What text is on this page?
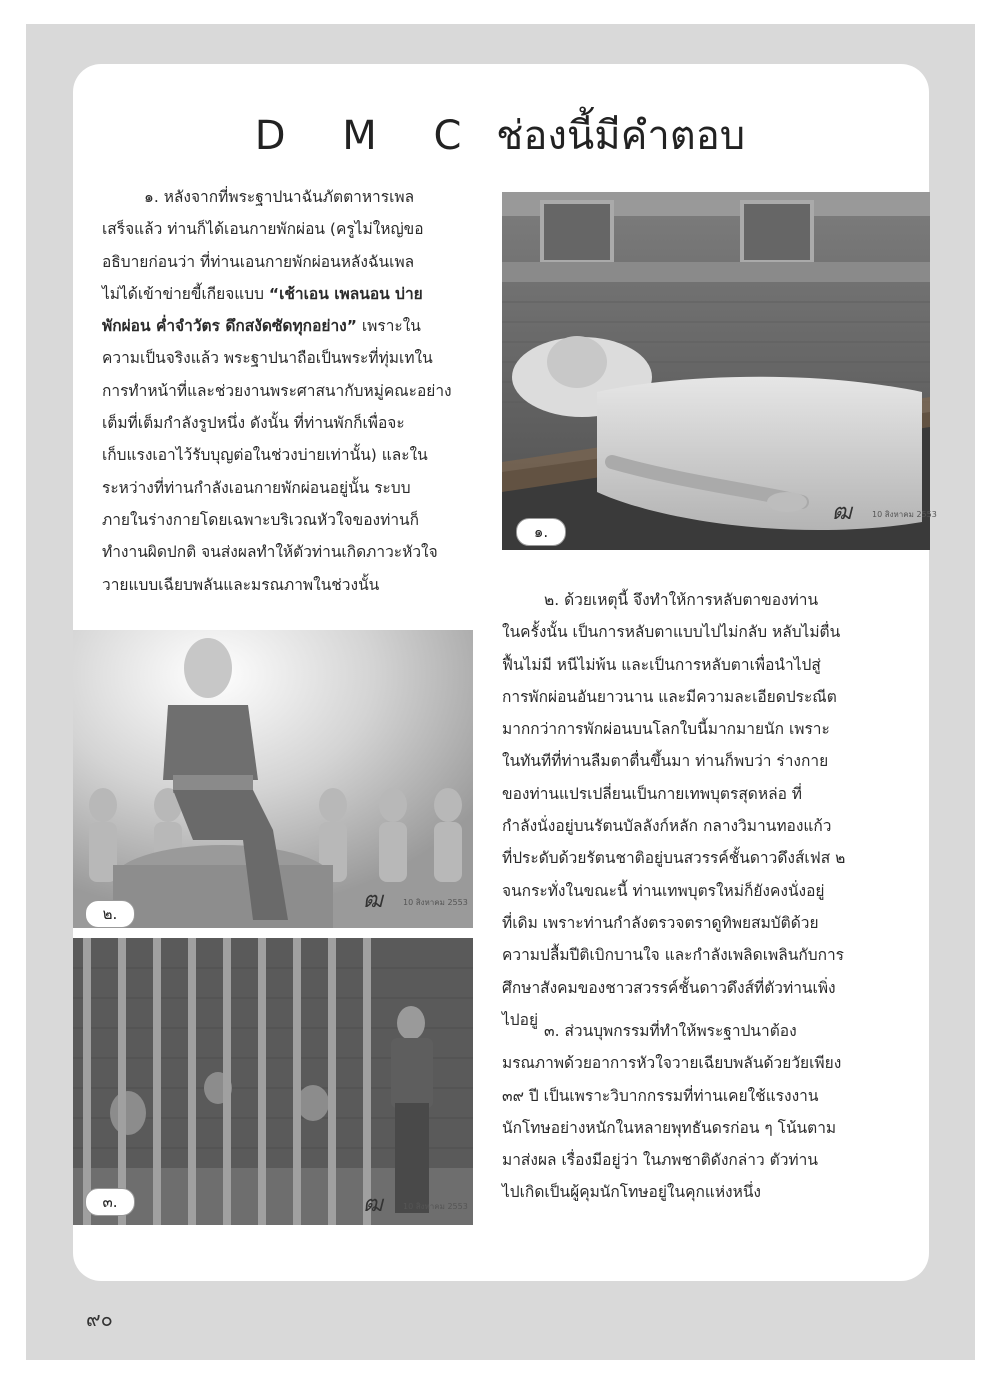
D M C ช่องนี้มีคำตอบ
๑. หลังจากที่พระฐาปนาฉันภัตตาหารเพล
เสร็จแล้ว ท่านก็ได้เอนกายพักผ่อน (ครูไม่ใหญ่ขอ
อธิบายก่อนว่า ที่ท่านเอนกายพักผ่อนหลังฉันเพล
ไม่ได้เข้าข่ายขี้เกียจแบบ “เช้าเอน เพลนอน บ่าย
พักผ่อน ค่ำจำวัตร ดึกสงัดซัดทุกอย่าง” เพราะใน
ความเป็นจริงแล้ว พระฐาปนาถือเป็นพระที่ทุ่มเทใน
การทำหน้าที่และช่วยงานพระศาสนากับหมู่คณะอย่าง
เต็มที่เต็มกำลังรูปหนึ่ง ดังนั้น ที่ท่านพักก็เพื่อจะ
เก็บแรงเอาไว้รับบุญต่อในช่วงบ่ายเท่านั้น) และใน
ระหว่างที่ท่านกำลังเอนกายพักผ่อนอยู่นั้น ระบบ
ภายในร่างกายโดยเฉพาะบริเวณหัวใจของท่านก็
ทำงานผิดปกติ จนส่งผลทำให้ตัวท่านเกิดภาวะหัวใจ
วายแบบเฉียบพลันและมรณภาพในช่วงนั้น
๒. ด้วยเหตุนี้ จึงทำให้การหลับตาของท่าน
ในครั้งนั้น เป็นการหลับตาแบบไปไม่กลับ หลับไม่ตื่น
ฟื้นไม่มี หนีไม่พ้น และเป็นการหลับตาเพื่อนำไปสู่
การพักผ่อนอันยาวนาน และมีความละเอียดประณีต
มากกว่าการพักผ่อนบนโลกใบนี้มากมายนัก เพราะ
ในทันทีที่ท่านลืมตาตื่นขึ้นมา ท่านก็พบว่า ร่างกาย
ของท่านแปรเปลี่ยนเป็นกายเทพบุตรสุดหล่อ ที่
กำลังนั่งอยู่บนรัตนบัลลังก์หลัก กลางวิมานทองแก้ว
ที่ประดับด้วยรัตนชาติอยู่บนสวรรค์ชั้นดาวดึงส์เฟส ๒
จนกระทั่งในขณะนี้ ท่านเทพบุตรใหม่ก็ยังคงนั่งอยู่
ที่เดิม เพราะท่านกำลังตรวจตราดูทิพยสมบัติด้วย
ความปลื้มปีติเบิกบานใจ และกำลังเพลิดเพลินกับการ
ศึกษาสังคมของชาวสวรรค์ชั้นดาวดึงส์ที่ตัวท่านเพิ่ง
ไปอยู่
๓. ส่วนบุพกรรมที่ทำให้พระฐาปนาต้อง
มรณภาพด้วยอาการหัวใจวายเฉียบพลันด้วยวัยเพียง
๓๙ ปี เป็นเพราะวิบากกรรมที่ท่านเคยใช้แรงงาน
นักโทษอย่างหนักในหลายพุทธันดรก่อน ๆ โน้นตาม
มาส่งผล เรื่องมีอยู่ว่า ในภพชาติดังกล่าว ตัวท่าน
ไปเกิดเป็นผู้คุมนักโทษอยู่ในคุกแห่งหนึ่ง
๑.
ฒ	10 สิงหาคม 2553
๒.
ฒ	10 สิงหาคม 2553
๓.	ฒ	10 สิงหาคม 2553
๙๐
